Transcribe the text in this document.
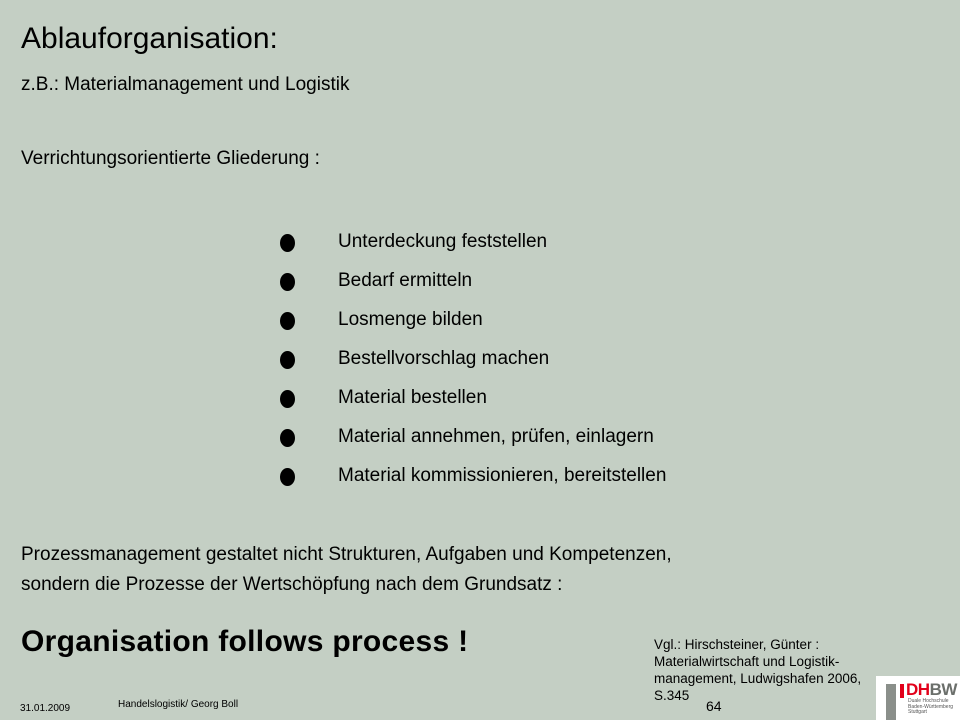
Ablauforganisation:
z.B.: Materialmanagement und Logistik
Verrichtungsorientierte Gliederung :
Unterdeckung feststellen
Bedarf ermitteln
Losmenge bilden
Bestellvorschlag machen
Material bestellen
Material annehmen, prüfen, einlagern
Material kommissionieren, bereitstellen
Prozessmanagement gestaltet nicht Strukturen, Aufgaben und Kompetenzen,
sondern die Prozesse der Wertschöpfung nach dem Grundsatz :
Organisation follows process !	Vgl.: Hirschsteiner, Günter :
Materialwirtschaft und Logistik-
management, Ludwigshafen 2006,
S.345
31.01.2009	Handelslogistik/ Georg Boll	64
DHBW
Duale Hochschule Baden-Württemberg Stuttgart
